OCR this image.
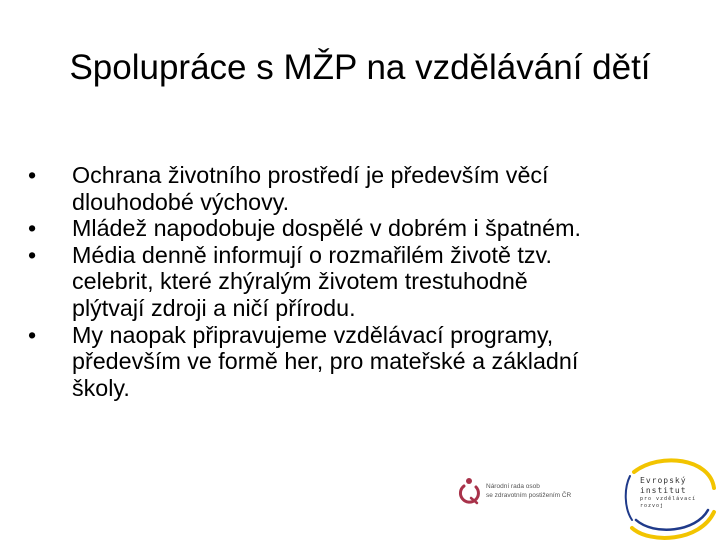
Spolupráce s MŽP na vzdělávání dětí
•	Ochrana životního prostředí je především věcí
dlouhodobé výchovy.
•	Mládež napodobuje dospělé v dobrém i špatném.
•	Média denně informují o rozmařilém životě tzv.
celebrit, které zhýralým životem trestuhodně
plýtvají zdroji a ničí přírodu.
•	My naopak připravujeme vzdělávací programy,
především ve formě her, pro mateřské a základní
školy.
Národní rada osob
se zdravotním postižením ČR
Evropský
institut
pro vzdělávací
rozvoj
